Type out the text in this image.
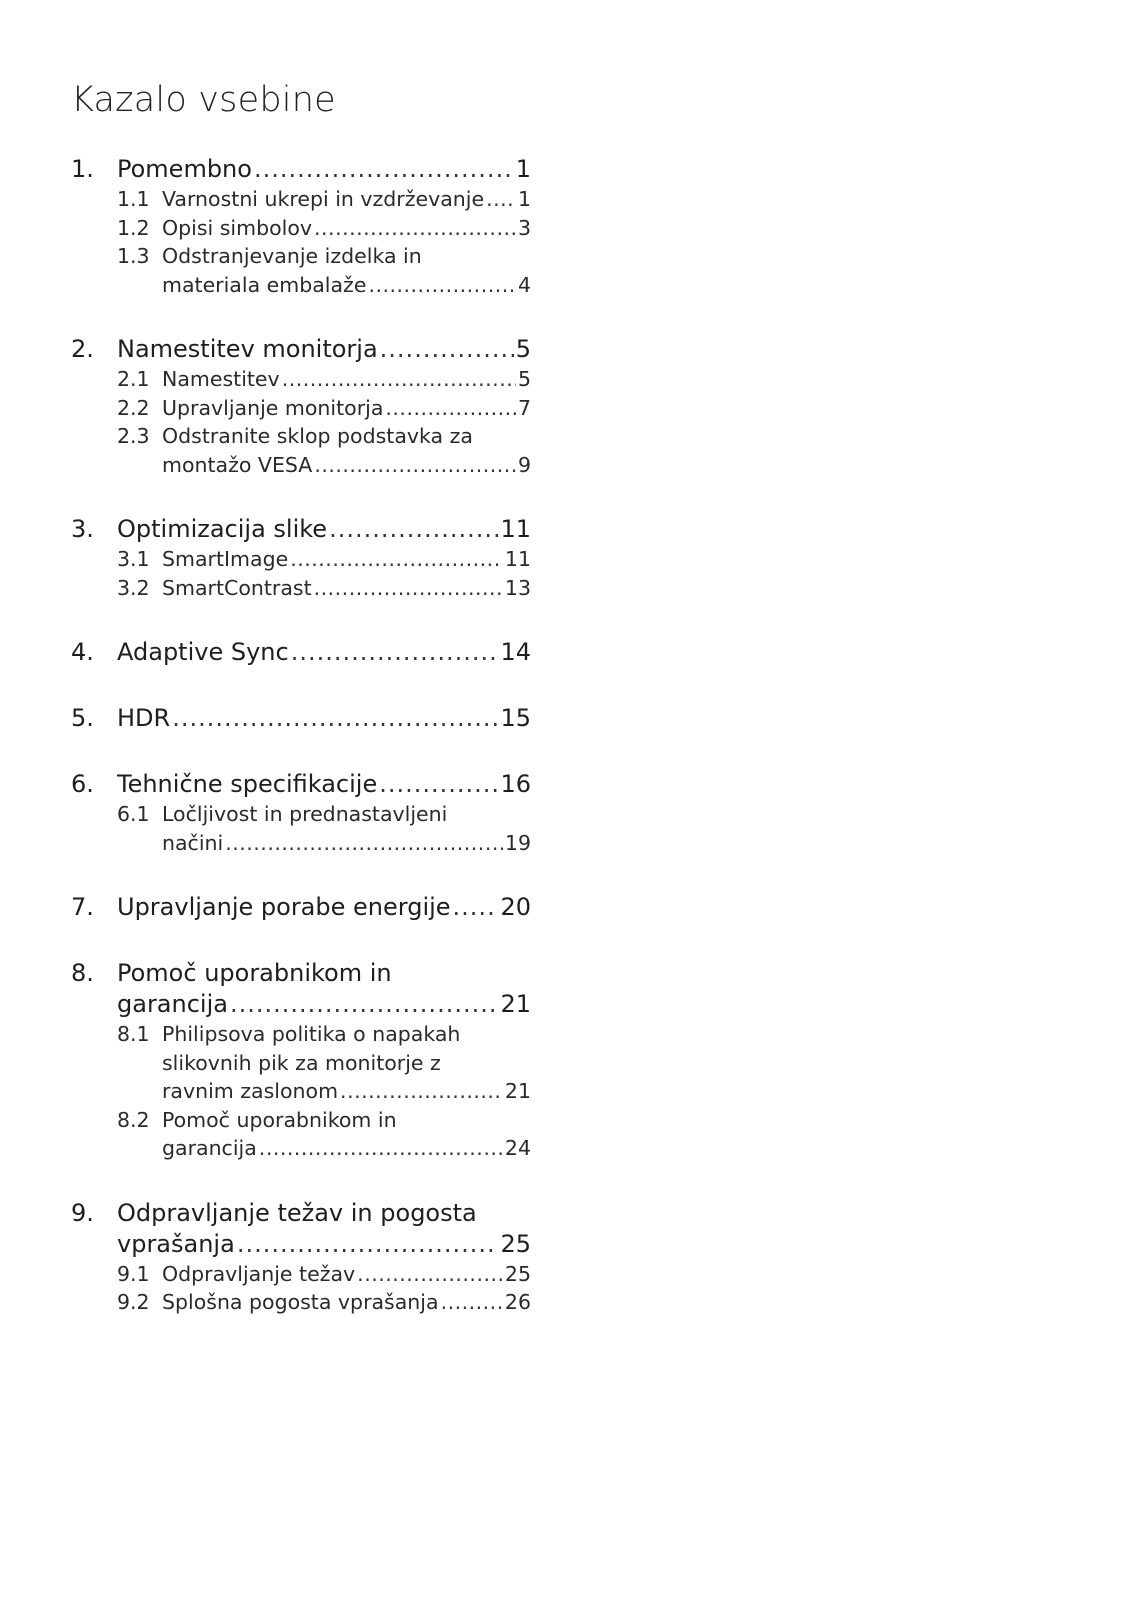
Kazalo vsebine
1. Pomembno .....	1
1.1 Varnostni ukrepi in vzdrževanje ..... 1
1.2 Opisi simbolov .....	3
1.3 Odstranjevanje izdelka in
materiala embalaže .....	4
2. Namestitev monitorja .....	5
2.1 Namestitev .....	5
2.2 Upravljanje monitorja .....	7
2.3 Odstranite sklop podstavka za
montažo VESA .....	9
3. Optimizacija slike .....	11
3.1 SmartImage .....	11
3.2 SmartContrast .....	13
4. Adaptive Sync .....	14
5. HDR .....	15
6. Tehnične specifikacije .....	16
6.1 Ločljivost in prednastavljeni
načini .....	19
7. Upravljanje porabe energije ..... 20
8. Pomoč uporabnikom in
garancija .....	21
8.1 Philipsova politika o napakah
slikovnih pik za monitorje z
ravnim zaslonom .....	21
8.2 Pomoč uporabnikom in
garancija .....	24
9. Odpravljanje težav in pogosta
vprašanja .....	25
9.1 Odpravljanje težav .....	25
9.2 Splošna pogosta vprašanja .....	26
